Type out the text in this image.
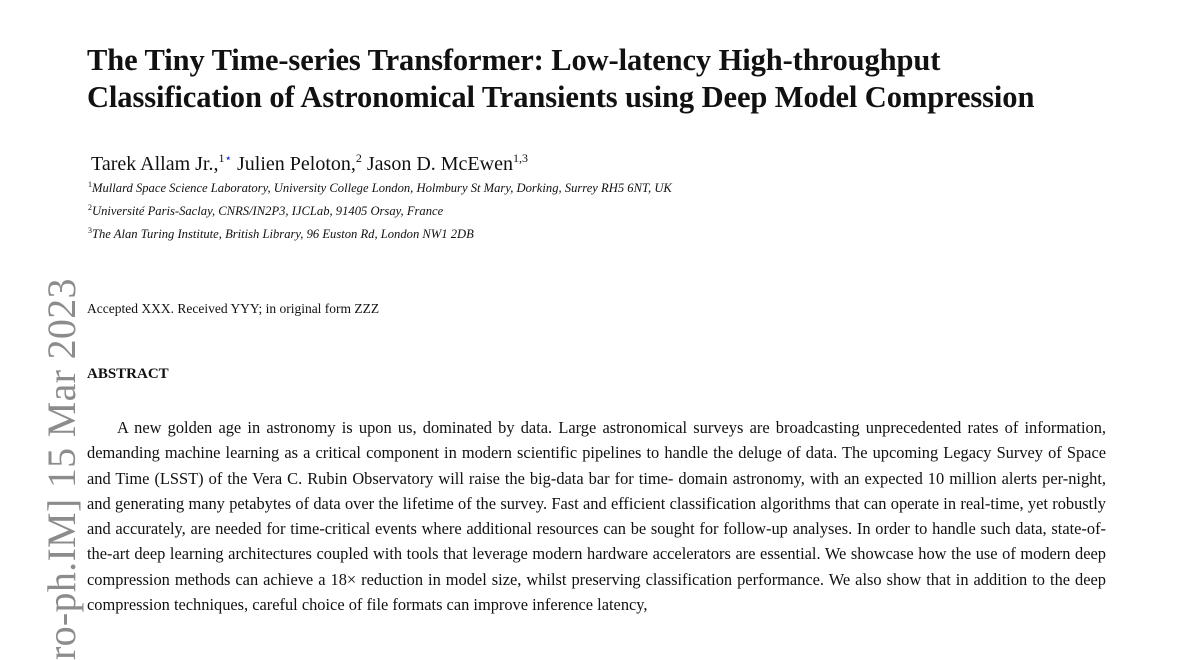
The Tiny Time-series Transformer: Low-latency High-throughput
Classification of Astronomical Transients using Deep Model Compression
Tarek Allam Jr.,$^{1⋆}$ Julien Peloton,$^2$ Jason D. McEwen$^{1,3}$
$^1$Mullard Space Science Laboratory, University College London, Holmbury St Mary, Dorking, Surrey RH5 6NT, UK
$^2$Université Paris-Saclay, CNRS/IN2P3, IJCLab, 91405 Orsay, France
$^3$The Alan Turing Institute, British Library, 96 Euston Rd, London NW1 2DB
Accepted XXX. Received YYY; in original form ZZZ
ABSTRACT

A new golden age in astronomy is upon us, dominated by data. Large astronomical surveys are broadcasting unprecedented rates of information, demanding machine learning as a critical component in modern scientific pipelines to handle the deluge of data. The upcoming Legacy Survey of Space and Time (LSST) of the Vera C. Rubin Observatory will raise the big-data bar for time- domain astronomy, with an expected 10 million alerts per-night, and generating many petabytes of data over the lifetime of the survey. Fast and efficient classification algorithms that can operate in real-time, yet robustly and accurately, are needed for time-critical events where additional resources can be sought for follow-up analyses. In order to handle such data, state-of-the-art deep learning architectures coupled with tools that leverage modern hardware accelerators are essential. We showcase how the use of modern deep compression methods can achieve a 18× reduction in model size, whilst preserving classification performance. We also show that in addition to the deep compression techniques, careful choice of file formats can improve inference latency,

ro-ph.IM] 15 Mar 2023
